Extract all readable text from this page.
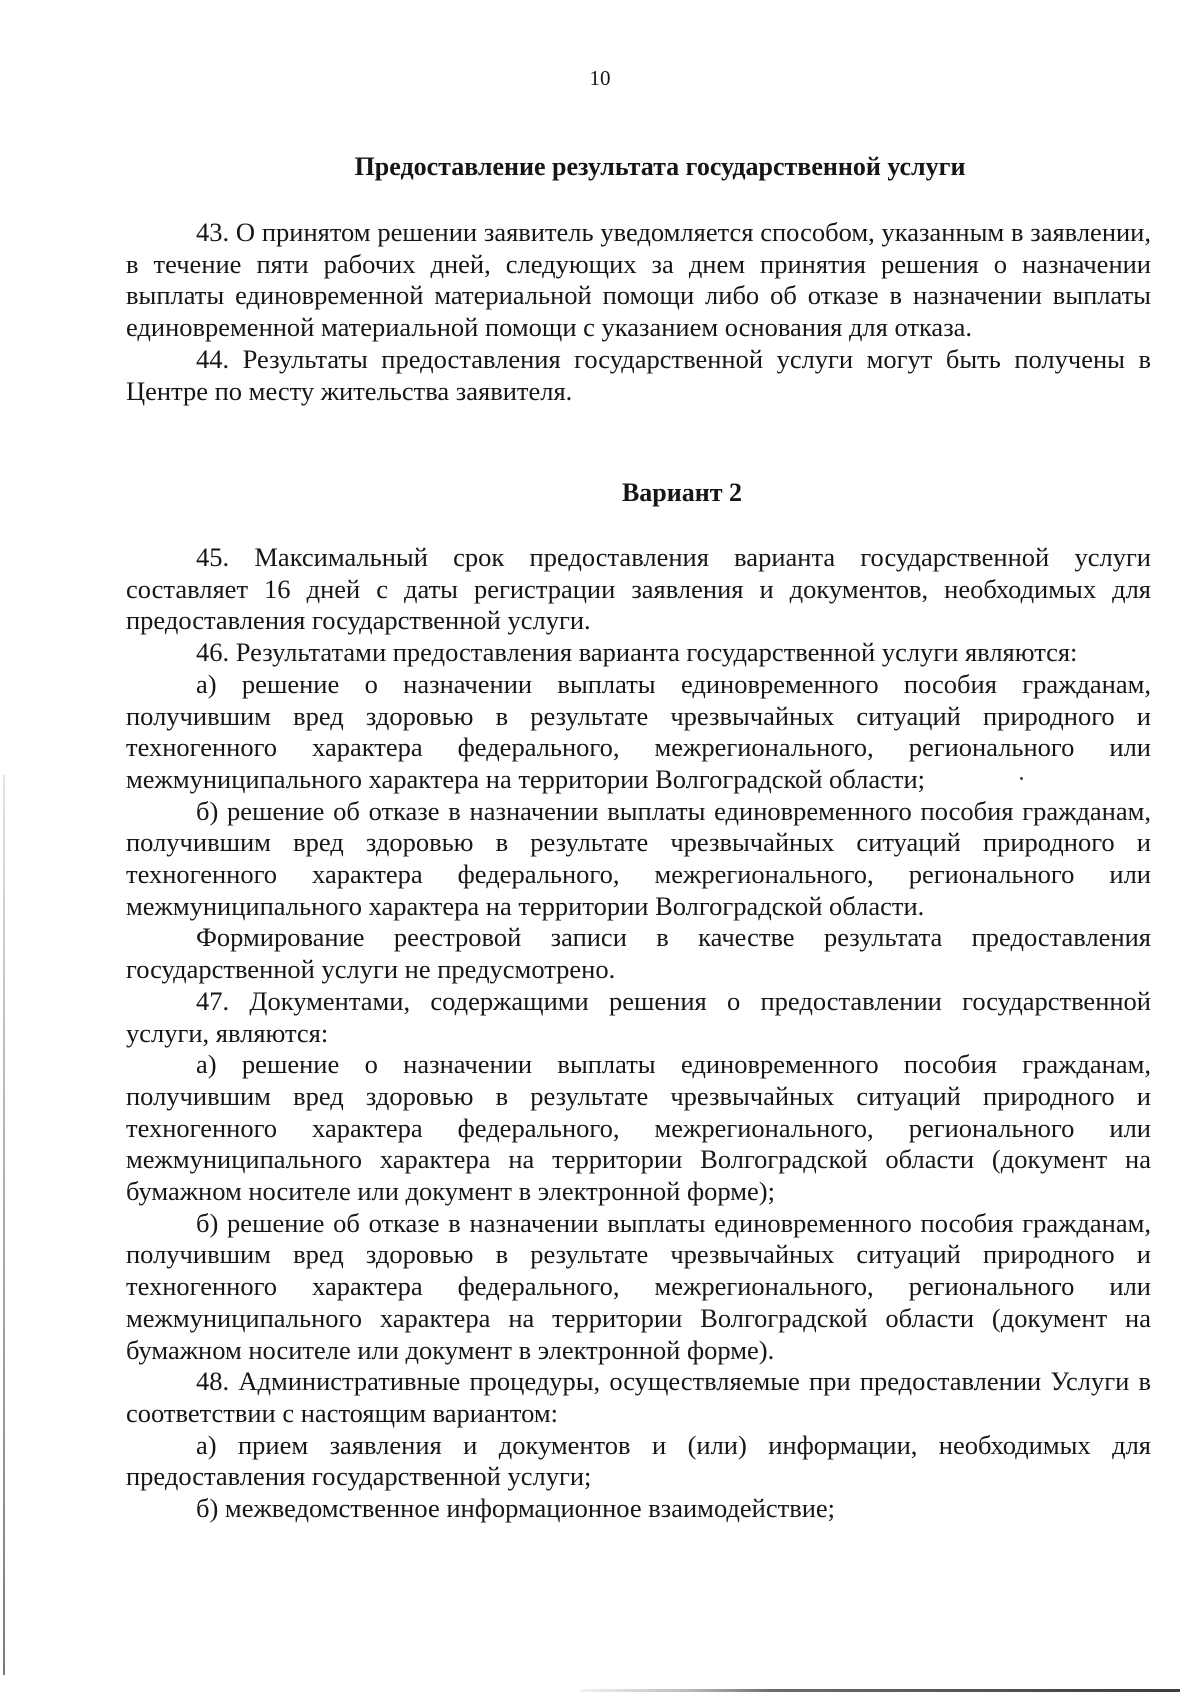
10
Предоставление результата государственной услуги

43. О принятом решении заявитель уведомляется способом, указанным в заявлении, в течение пяти рабочих дней, следующих за днем принятия решения о назначении выплаты единовременной материальной помощи либо об отказе в назначении выплаты единовременной материальной помощи с указанием основания для отказа.

44. Результаты предоставления государственной услуги могут быть получены в Центре по месту жительства заявителя.

Вариант 2

45. Максимальный срок предоставления варианта государственной услуги составляет 16 дней с даты регистрации заявления и документов, необходимых для предоставления государственной услуги.

46. Результатами предоставления варианта государственной услуги являются:

а) решение о назначении выплаты единовременного пособия гражданам, получившим вред здоровью в результате чрезвычайных ситуаций природного и техногенного характера федерального, межрегионального, регионального или межмуниципального характера на территории Волгоградской области;

б) решение об отказе в назначении выплаты единовременного пособия гражданам, получившим вред здоровью в результате чрезвычайных ситуаций природного и техногенного характера федерального, межрегионального, регионального или межмуниципального характера на территории Волгоградской области.

Формирование реестровой записи в качестве результата предоставления государственной услуги не предусмотрено.

47. Документами, содержащими решения о предоставлении государственной услуги, являются:

а) решение о назначении выплаты единовременного пособия гражданам, получившим вред здоровью в результате чрезвычайных ситуаций природного и техногенного характера федерального, межрегионального, регионального или межмуниципального характера на территории Волгоградской области (документ на бумажном носителе или документ в электронной форме);

б) решение об отказе в назначении выплаты единовременного пособия гражданам, получившим вред здоровью в результате чрезвычайных ситуаций природного и техногенного характера федерального, межрегионального, регионального или межмуниципального характера на территории Волгоградской области (документ на бумажном носителе или документ в электронной форме).

48. Административные процедуры, осуществляемые при предоставлении Услуги в соответствии с настоящим вариантом:

а) прием заявления и документов и (или) информации, необходимых для предоставления государственной услуги;

б) межведомственное информационное взаимодействие;
